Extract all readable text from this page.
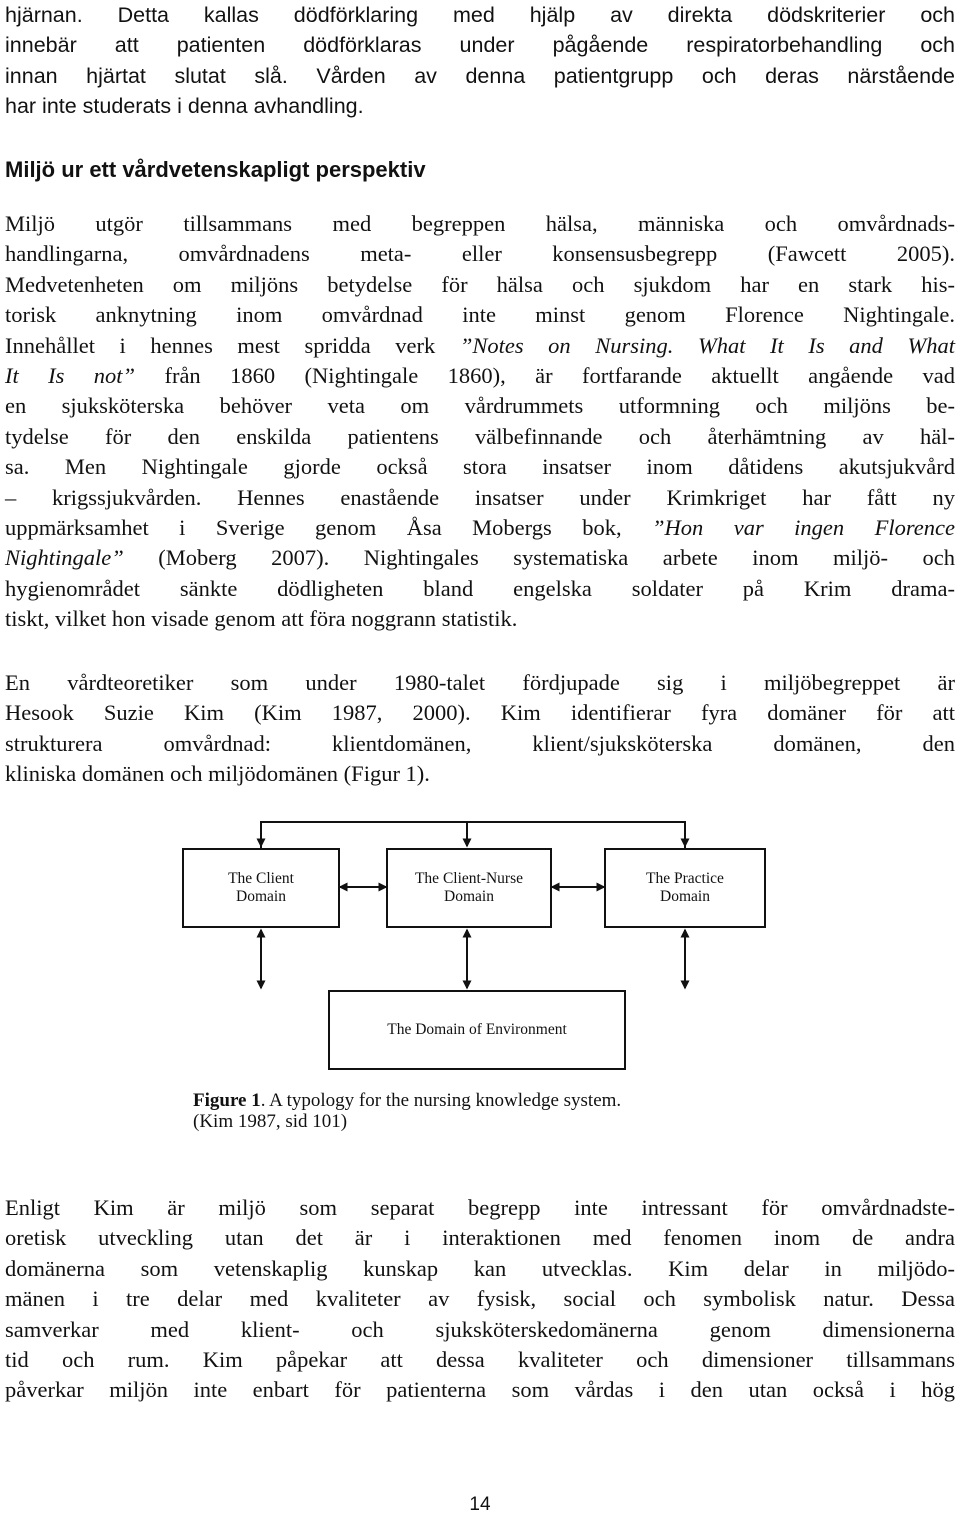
hjärnan. Detta kallas dödförklaring med hjälp av direkta dödskriterier och
innebär att patienten dödförklaras under pågående respiratorbehandling och
innan hjärtat slutat slå. Vården av denna patientgrupp och deras närstående
har inte studerats i denna avhandling.
Miljö ur ett vårdvetenskapligt perspektiv
Miljö utgör tillsammans med begreppen hälsa, människa och omvårdnads-
handlingarna, omvårdnadens meta- eller konsensusbegrepp (Fawcett 2005).
Medvetenheten om miljöns betydelse för hälsa och sjukdom har en stark his-
torisk anknytning inom omvårdnad inte minst genom Florence Nightingale.
Innehållet i hennes mest spridda verk ”Notes on Nursing. What It Is and What
It Is not” från 1860 (Nightingale 1860), är fortfarande aktuellt angående vad
en sjuksköterska behöver veta om vårdrummets utformning och miljöns be-
tydelse för den enskilda patientens välbefinnande och återhämtning av häl-
sa. Men Nightingale gjorde också stora insatser inom dåtidens akutsjukvård
– krigssjukvården. Hennes enastående insatser under Krimkriget har fått ny
uppmärksamhet i Sverige genom Åsa Mobergs bok, ”Hon var ingen Florence
Nightingale” (Moberg 2007). Nightingales systematiska arbete inom miljö- och
hygienområdet sänkte dödligheten bland engelska soldater på Krim drama-
tiskt, vilket hon visade genom att föra noggrann statistik.
En vårdteoretiker som under 1980-talet fördjupade sig i miljöbegreppet är
Hesook Suzie Kim (Kim 1987, 2000). Kim identifierar fyra domäner för att
strukturera omvårdnad: klientdomänen, klient/sjuksköterska domänen, den
kliniska domänen och miljödomänen (Figur 1).
The Client
Domain
The Client-Nurse
Domain
The Practice
Domain
The Domain of Environment
Figure 1. A typology for the nursing knowledge system.
(Kim 1987, sid 101)
Enligt Kim är miljö som separat begrepp inte intressant för omvårdnadste-
oretisk utveckling utan det är i interaktionen med fenomen inom de andra
domänerna som vetenskaplig kunskap kan utvecklas. Kim delar in miljödo-
mänen i tre delar med kvaliteter av fysisk, social och symbolisk natur. Dessa
samverkar med klient- och sjuksköterskedomänerna genom dimensionerna
tid och rum. Kim påpekar att dessa kvaliteter och dimensioner tillsammans
påverkar miljön inte enbart för patienterna som vårdas i den utan också i hög
14
